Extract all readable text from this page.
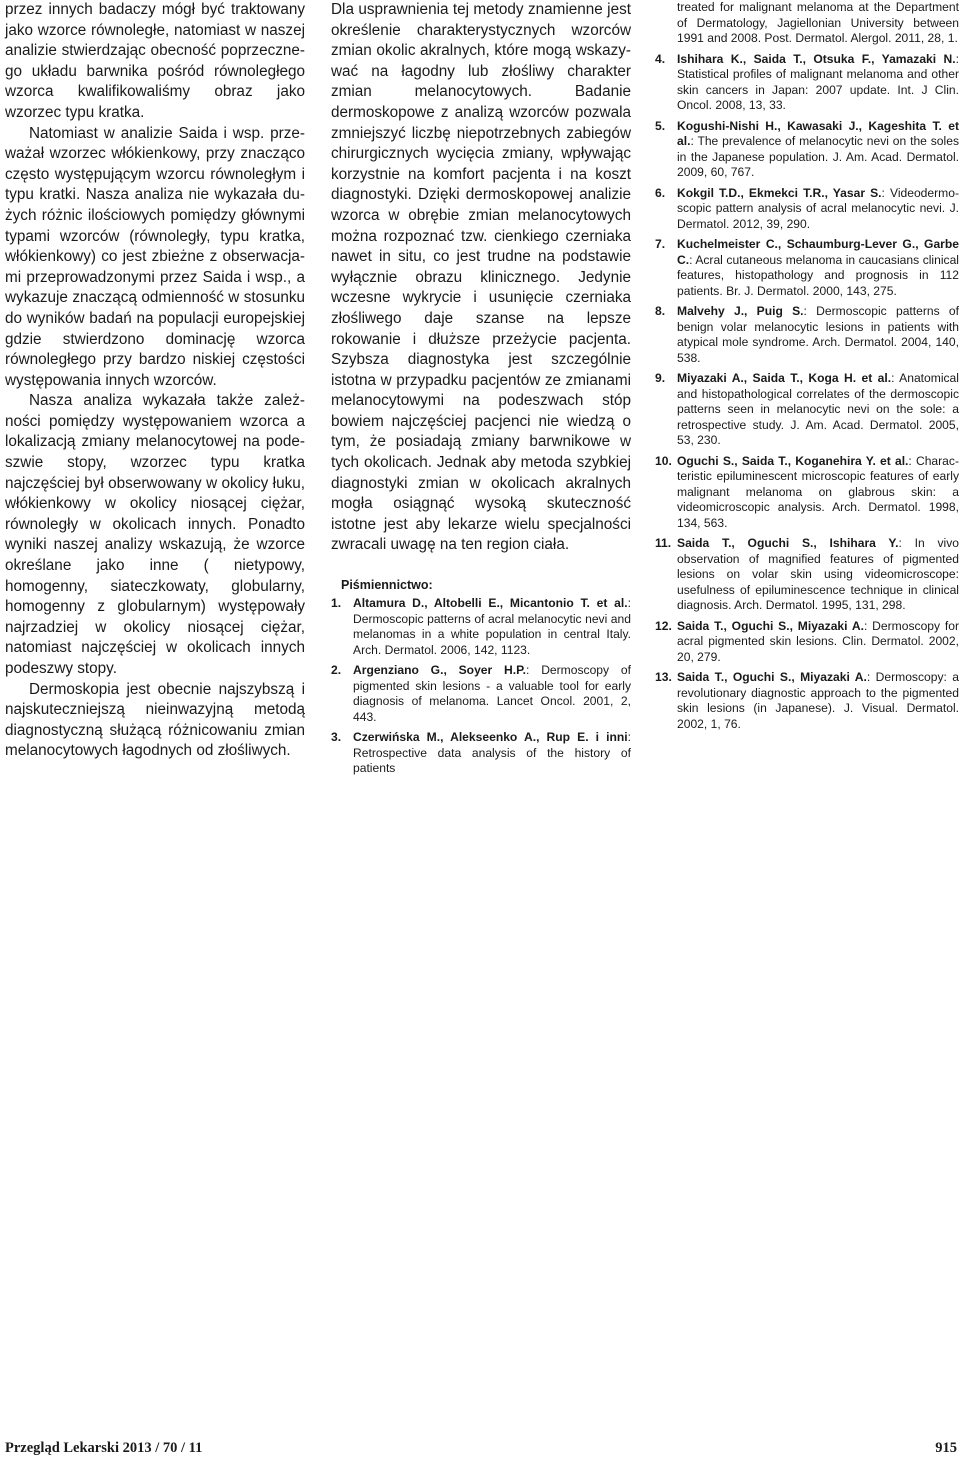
przez innych badaczy mógł być traktowany jako wzorce równoległe, natomiast w naszej analizie stwierdzając obecność poprzecznego układu barwnika pośród równoległego wzorca kwalifikowaliśmy obraz jako wzorzec typu kratka.

Natomiast w analizie Saida i wsp. przeważał wzorzec włókienkowy, przy znacząco często występującym wzorcu równoległym i typu kratki. Nasza analiza nie wykazała dużych różnic ilościowych pomiędzy głównymi typami wzorców (równoległy, typu kratka, włókienkowy) co jest zbieżne z obserwacjami przeprowadzonymi przez Saida i wsp., a wykazuje znaczącą odmienność w stosunku do wyników badań na populacji europejskiej gdzie stwierdzono dominację wzorca równoległego przy bardzo niskiej częstości występowania innych wzorców.

Nasza analiza wykazała także zależności pomiędzy występowaniem wzorca a lokalizacją zmiany melanocytowej na podeszwie stopy, wzorzec typu kratka najczęściej był obserwowany w okolicy łuku, włókienkowy w okolicy niosącej ciężar, równoległy w okolicach innych. Ponadto wyniki naszej analizy wskazują, że wzorce określane jako inne ( nietypowy, homogenny, siateczkowaty, globularny, homogenny z globularnym) występowały najrzadziej w okolicy niosącej ciężar, natomiast najczęściej w okolicach innych podeszwy stopy.

Dermoskopia jest obecnie najszybszą i najskuteczniejszą nieinwazyjną metodą diagnostyczną służącą różnicowaniu zmian melanocytowych łagodnych od złośliwych.

Dla usprawnienia tej metody znamienne jest określenie charakterystycznych wzorców zmian okolic akralnych, które mogą wskazywać na łagodny lub złośliwy charakter zmian melanocytowych. Badanie dermoskopowe z analizą wzorców pozwala zmniejszyć liczbę niepotrzebnych zabiegów chirurgicznych wycięcia zmiany, wpływając korzystnie na komfort pacjenta i na koszt diagnostyki. Dzięki dermoskopowej analizie wzorca w obrębie zmian melanocytowych można rozpoznać tzw. cienkiego czerniaka nawet in situ, co jest trudne na podstawie wyłącznie obrazu klinicznego. Jedynie wczesne wykrycie i usunięcie czerniaka złośliwego daje szanse na lepsze rokowanie i dłuższe przeżycie pacjenta. Szybsza diagnostyka jest szczególnie istotna w przypadku pacjentów ze zmianami melanocytowymi na podeszwach stóp bowiem najczęściej pacjenci nie wiedzą o tym, że posiadają zmiany barwnikowe w tych okolicach. Jednak aby metoda szybkiej diagnostyki zmian w okolicach akralnych mogła osiągnąć wysoką skuteczność istotne jest aby lekarze wielu specjalności zwracali uwagę na ten region ciała.

Piśmiennictwo:
1. Altamura D., Altobelli E., Micantonio T. et al.: Dermoscopic patterns of acral melanocytic nevi and melanomas in a white population in central Italy. Arch. Dermatol. 2006, 142, 1123.
2. Argenziano G., Soyer H.P.: Dermoscopy of pigmented skin lesions - a valuable tool for early diagnosis of melanoma. Lancet Oncol. 2001, 2, 443.
3. Czerwińska M., Alekseenko A., Rup E. i inni: Retrospective data analysis of the history of patients
treated for malignant melanoma at the Department of Dermatology, Jagiellonian University between 1991 and 2008. Post. Dermatol. Alergol. 2011, 28, 1.
4. Ishihara K., Saida T., Otsuka F., Yamazaki N.: Statistical profiles of malignant melanoma and other skin cancers in Japan: 2007 update. Int. J Clin. Oncol. 2008, 13, 33.
5. Kogushi-Nishi H., Kawasaki J., Kageshita T. et al.: The prevalence of melanocytic nevi on the soles in the Japanese population. J. Am. Acad. Dermatol. 2009, 60, 767.
6. Kokgil T.D., Ekmekci T.R., Yasar S.: Videodermoscopic pattern analysis of acral melanocytic nevi. J. Dermatol. 2012, 39, 290.
7. Kuchelmeister C., Schaumburg-Lever G., Garbe C.: Acral cutaneous melanoma in caucasians clinical features, histopathology and prognosis in 112 patients. Br. J. Dermatol. 2000, 143, 275.
8. Malvehy J., Puig S.: Dermoscopic patterns of benign volar melanocytic lesions in patients with atypical mole syndrome. Arch. Dermatol. 2004, 140, 538.
9. Miyazaki A., Saida T., Koga H. et al.: Anatomical and histopathological correlates of the dermoscopic patterns seen in melanocytic nevi on the sole: a retrospective study. J. Am. Acad. Dermatol. 2005, 53, 230.
10. Oguchi S., Saida T., Koganehira Y. et al.: Characteristic epiluminescent microscopic features of early malignant melanoma on glabrous skin: a videomicroscopic analysis. Arch. Dermatol. 1998, 134, 563.
11. Saida T., Oguchi S., Ishihara Y.: In vivo observation of magnified features of pigmented lesions on volar skin using videomicroscope: usefulness of epiluminescence technique in clinical diagnosis. Arch. Dermatol. 1995, 131, 298.
12. Saida T., Oguchi S., Miyazaki A.: Dermoscopy for acral pigmented skin lesions. Clin. Dermatol. 2002, 20, 279.
13. Saida T., Oguchi S., Miyazaki A.: Dermoscopy: a revolutionary diagnostic approach to the pigmented skin lesions (in Japanese). J. Visual. Dermatol. 2002, 1, 76.
Przegląd Lekarski 2013 / 70 / 11	915
